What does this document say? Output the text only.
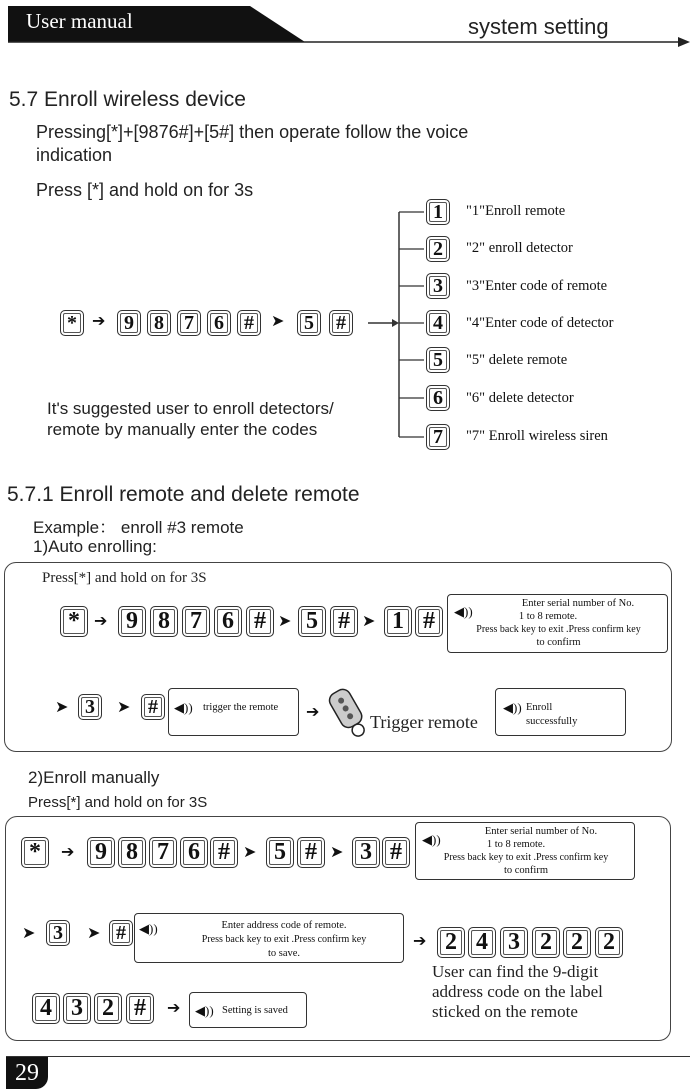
User manual	system setting
5.7 Enroll wireless device
Pressing[*]+[9876#]+[5#] then operate follow the voice
indication
Press [*] and hold on for 3s
* ➔ 9	8	7	6	#	➤ 5	#
1	"1"Enroll remote
2	"2" enroll detector
3	"3"Enter code of remote
4	"4"Enter code of detector
5	"5" delete remote
6	"6" delete detector
7	"7" Enroll wireless siren
It's suggested user to enroll detectors/
remote by manually enter the codes
5.7.1 Enroll remote and delete remote
Example： enroll #3 remote
1)Auto enrolling:
Press[*] and hold on for 3S
* ➔ 9 8 7 6 # ➤ 5 # ➤ 1 #	◀))
Enter serial number of No.
1 to 8 remote.
Press back key to exit .Press confirm key
to confirm
➤ 3	➤ #	◀)) trigger the remote ➔	Trigger remote
◀)) Enroll
successfully
2)Enroll manually
Press[*] and hold on for 3S
*	➔ 9 8 7 6 # ➤ 5 # ➤ 3 #	◀))
Enter serial number of No.
1 to 8 remote.
Press back key to exit .Press confirm key
to confirm
➤ 3	➤ #	◀))	Enter address code of remote.
Press back key to exit .Press confirm key
to save.
➔ 2 4 3 2 2 2
User can find the 9-digit
address code on the label
sticked on the remote
4 3 2 #	➔ ◀)) Setting is saved
29
